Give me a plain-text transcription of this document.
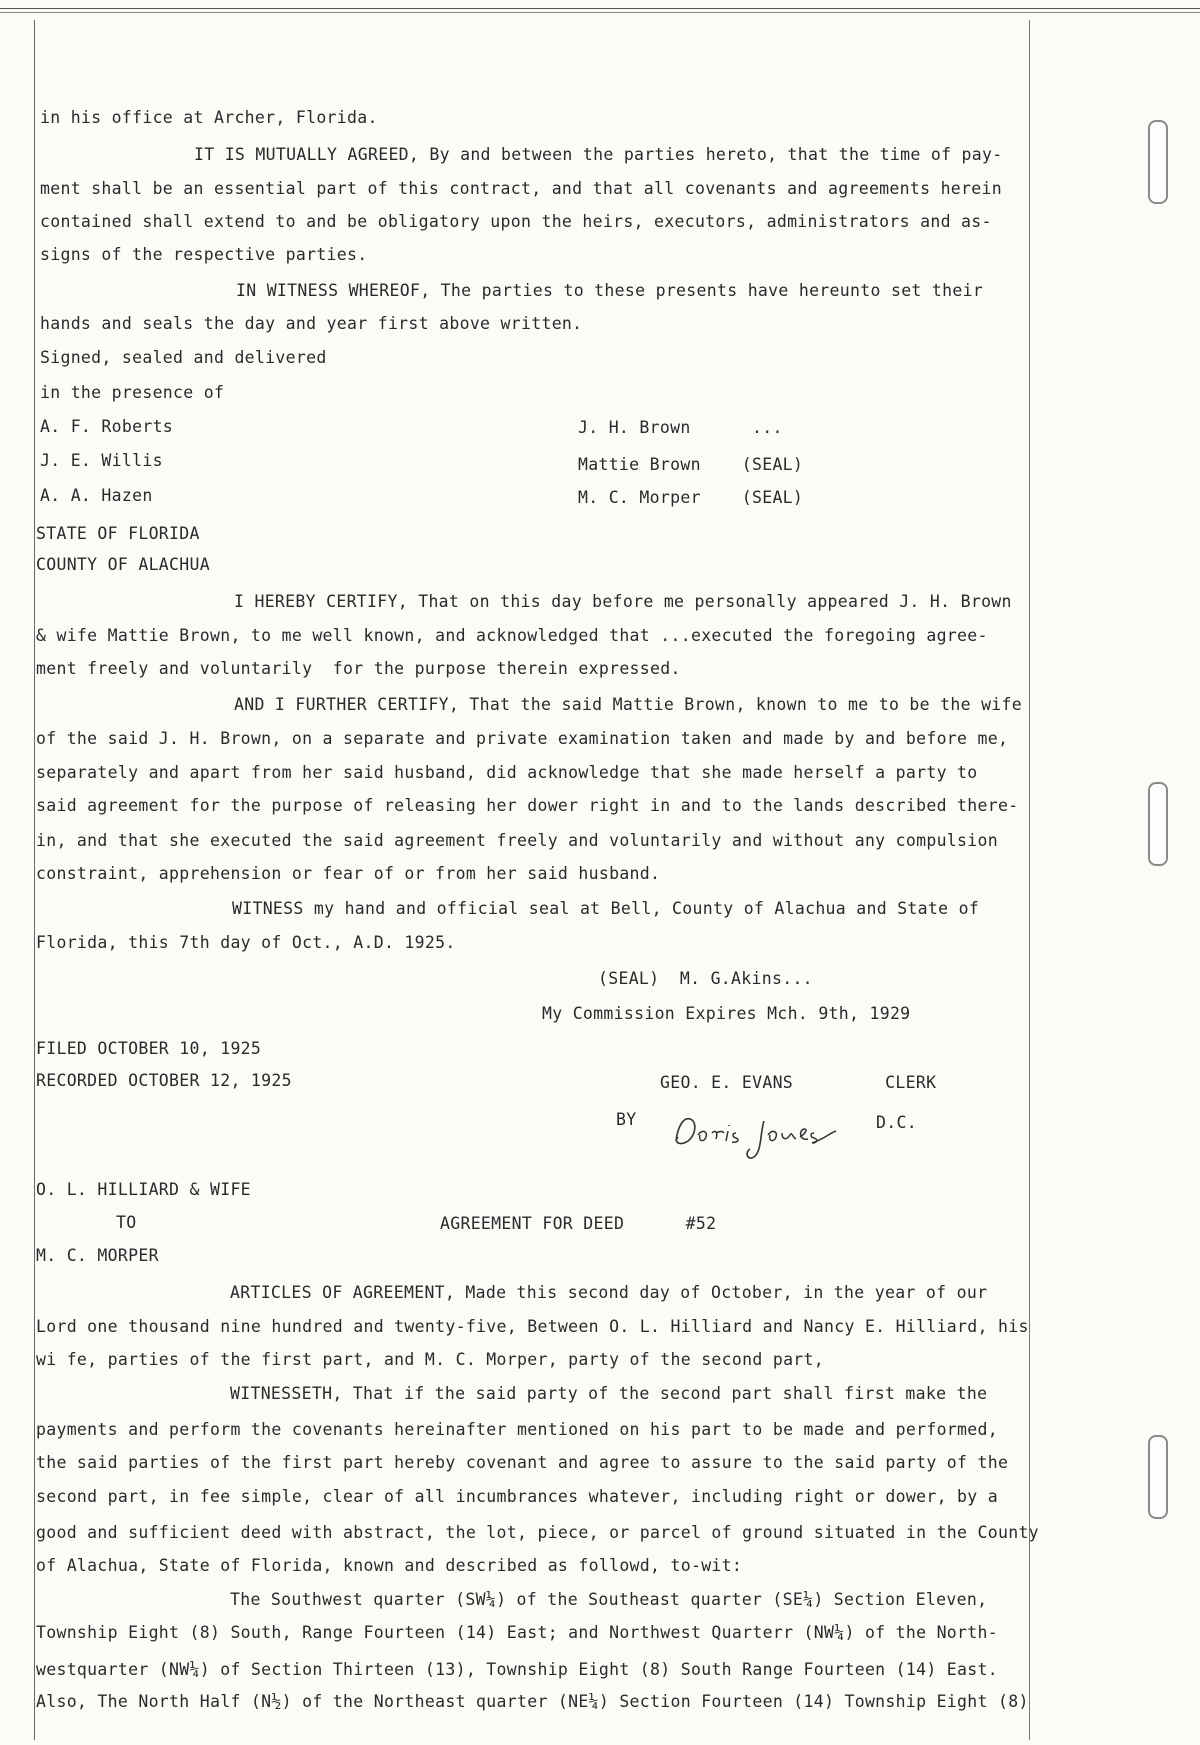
in his office at Archer, Florida.
IT IS MUTUALLY AGREED, By and between the parties hereto, that the time of pay-
ment shall be an essential part of this contract, and that all covenants and agreements herein
contained shall extend to and be obligatory upon the heirs, executors, administrators and as-
signs of the respective parties.
IN WITNESS WHEREOF, The parties to these presents have hereunto set their
hands and seals the day and year first above written.
Signed, sealed and delivered
in the presence of
A. F. Roberts	J. H. Brown      ...
J. E. Willis	Mattie Brown    (SEAL)
A. A. Hazen	M. C. Morper    (SEAL)
STATE OF FLORIDA
COUNTY OF ALACHUA
I HEREBY CERTIFY, That on this day before me personally appeared J. H. Brown
& wife Mattie Brown, to me well known, and acknowledged that ...executed the foregoing agree-
ment freely and voluntarily  for the purpose therein expressed.
AND I FURTHER CERTIFY, That the said Mattie Brown, known to me to be the wife
of the said J. H. Brown, on a separate and private examination taken and made by and before me,
separately and apart from her said husband, did acknowledge that she made herself a party to
said agreement for the purpose of releasing her dower right in and to the lands described there-
in, and that she executed the said agreement freely and voluntarily and without any compulsion
constraint, apprehension or fear of or from her said husband.
WITNESS my hand and official seal at Bell, County of Alachua and State of
Florida, this 7th day of Oct., A.D. 1925.
(SEAL)  M. G.Akins...
My Commission Expires Mch. 9th, 1929
FILED OCTOBER 10, 1925
RECORDED OCTOBER 12, 1925	GEO. E. EVANS         CLERK
BY	D.C.
O. L. HILLIARD & WIFE
TO	AGREEMENT FOR DEED      #52
M. C. MORPER
ARTICLES OF AGREEMENT, Made this second day of October, in the year of our
Lord one thousand nine hundred and twenty-five, Between O. L. Hilliard and Nancy E. Hilliard, his
wi fe, parties of the first part, and M. C. Morper, party of the second part,
WITNESSETH, That if the said party of the second part shall first make the
payments and perform the covenants hereinafter mentioned on his part to be made and performed,
the said parties of the first part hereby covenant and agree to assure to the said party of the
second part, in fee simple, clear of all incumbrances whatever, including right or dower, by a
good and sufficient deed with abstract, the lot, piece, or parcel of ground situated in the County
of Alachua, State of Florida, known and described as followd, to-wit:
The Southwest quarter (SW¼) of the Southeast quarter (SE¼) Section Eleven,
Township Eight (8) South, Range Fourteen (14) East; and Northwest Quarterr (NW¼) of the North-
westquarter (NW¼) of Section Thirteen (13), Township Eight (8) South Range Fourteen (14) East.
Also, The North Half (N½) of the Northeast quarter (NE¼) Section Fourteen (14) Township Eight (8)
